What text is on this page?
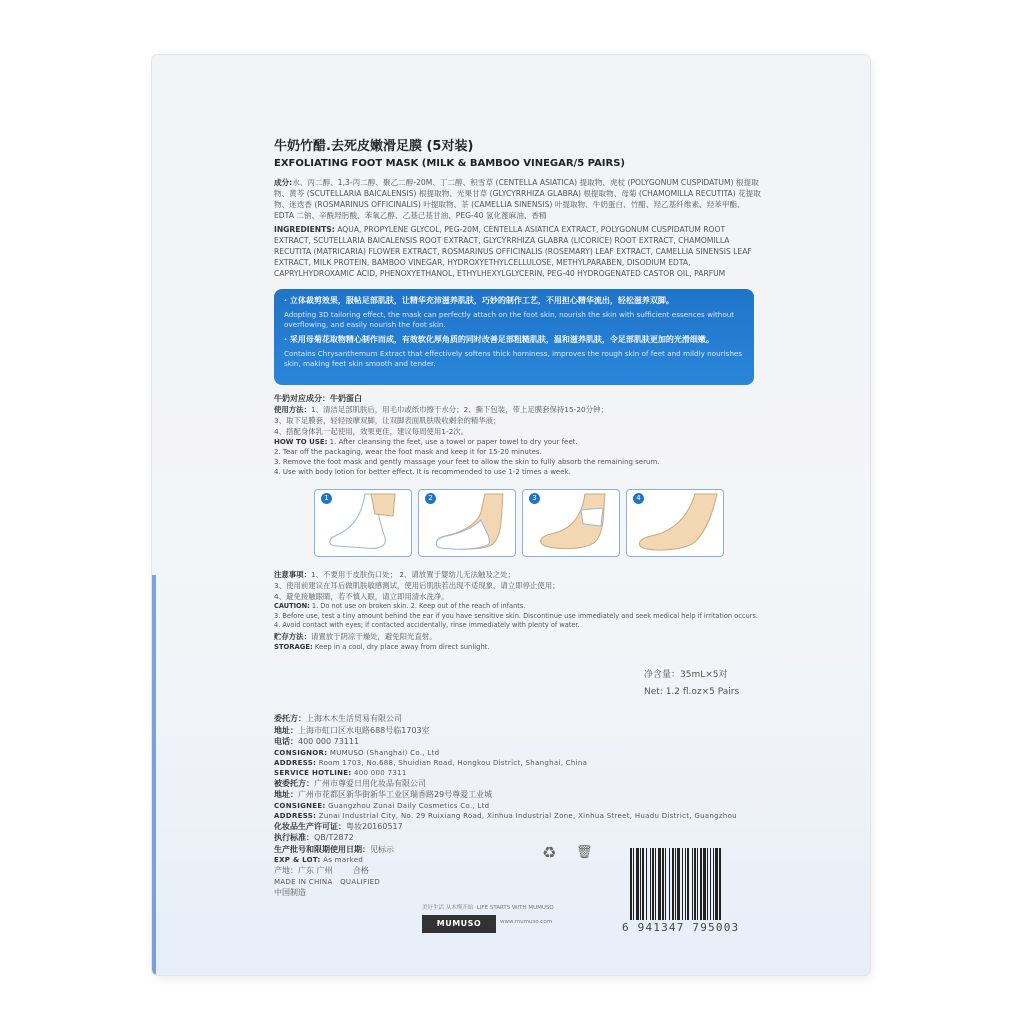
牛奶竹醋.去死皮嫩滑足膜 (5对装)
EXFOLIATING FOOT MASK (MILK & BAMBOO VINEGAR/5 PAIRS)
成分:水、丙二醇、1,3-丙二醇、聚乙二醇-20M、丁二醇、积雪草 (CENTELLA ASIATICA) 提取物、虎杖 (POLYGONUM CUSPIDATUM) 根提取物、黄芩 (SCUTELLARIA BAICALENSIS) 根提取物、光果甘草 (GLYCYRRHIZA GLABRA) 根提取物、母菊 (CHAMOMILLA RECUTITA) 花提取物、迷迭香 (ROSMARINUS OFFICINALIS) 叶提取物、茶 (CAMELLIA SINENSIS) 叶提取物、牛奶蛋白、竹醋、羟乙基纤维素、羟苯甲酯、EDTA 二钠、辛酰羟肟酸、苯氧乙醇、乙基己基甘油、PEG-40 氢化蓖麻油、香精
INGREDIENTS: AQUA, PROPYLENE GLYCOL, PEG-20M, CENTELLA ASIATICA EXTRACT, POLYGONUM CUSPIDATUM ROOT EXTRACT, SCUTELLARIA BAICALENSIS ROOT EXTRACT, GLYCYRRHIZA GLABRA (LICORICE) ROOT EXTRACT, CHAMOMILLA RECUTITA (MATRICARIA) FLOWER EXTRACT, ROSMARINUS OFFICINALIS (ROSEMARY) LEAF EXTRACT, CAMELLIA SINENSIS LEAF EXTRACT, MILK PROTEIN, BAMBOO VINEGAR, HYDROXYETHYLCELLULOSE, METHYLPARABEN, DISODIUM EDTA, CAPRYLHYDROXAMIC ACID, PHENOXYETHANOL, ETHYLHEXYLGLYCERIN, PEG-40 HYDROGENATED CASTOR OIL, PARFUM
· 立体裁剪效果，服帖足部肌肤，让精华充沛滋养肌肤，巧妙的制作工艺，不用担心精华流出，轻松滋养双脚。
Adopting 3D tailoring effect, the mask can perfectly attach on the foot skin, nourish the skin with sufficient essences without overflowing, and easily nourish the foot skin.
· 采用母菊花取物精心制作而成，有效软化厚角质的同时改善足部粗糙肌肤，温和滋养肌肤，令足部肌肤更加的光滑细嫩。
Contains Chrysanthemum Extract that effectively softens thick horniness, improves the rough skin of feet and mildly nourishes skin, making feet skin smooth and tender.
牛奶对应成分：牛奶蛋白
使用方法：1、清洁足部肌肤后，用毛巾或纸巾擦干水分；2、撕下包装，带上足膜套保持15-20分钟；
3、取下足膜套，轻轻按摩双脚，让双脚表面肌肤吸收剩余的精华液；
4、搭配身体乳一起使用，效果更佳，建议每周使用1-2次。
HOW TO USE: 1. After cleansing the feet, use a towel or paper towel to dry your feet.
2. Tear off the packaging, wear the foot mask and keep it for 15-20 minutes.
3. Remove the foot mask and gently massage your feet to allow the skin to fully absorb the remaining serum.
4. Use with body lotion for better effect. It is recommended to use 1-2 times a week.
1	2	3	4
注意事项：1、不要用于皮肤伤口处； 2、请放置于婴幼儿无法触及之处；
3、使用前建议在耳后做肌肤敏感测试，使用后肌肤若出现不适现象，请立即停止使用；
4、避免接触眼睛，若不慎入眼，请立即用清水洗净。
CAUTION: 1. Do not use on broken skin. 2. Keep out of the reach of infants.
3. Before use, test a tiny amount behind the ear if you have sensitive skin. Discontinue use immediately and seek medical help if irritation occurs.
4. Avoid contact with eyes; if contacted accidentally, rinse immediately with plenty of water.
贮存方法：请置放于阴凉干燥处，避免阳光直射。
STORAGE: Keep in a cool, dry place away from direct sunlight.
净含量：35mL×5对
Net: 1.2 fl.oz×5 Pairs
委托方：上海木木生活贸易有限公司
地址：上海市虹口区水电路688号临1703室
电话：400 000 73111
CONSIGNOR: MUMUSO (Shanghai) Co., Ltd
ADDRESS: Room 1703, No.688, Shuidian Road, Hongkou District, Shanghai, China
SERVICE HOTLINE: 400 000 7311
被委托方：广州市尊爱日用化妆品有限公司
地址：广州市花都区新华街新华工业区瑞香路29号尊爱工业城
CONSIGNEE: Guangzhou Zunai Daily Cosmetics Co., Ltd
ADDRESS: Zunai Industrial City, No. 29 Ruixiang Road, Xinhua Industrial Zone, Xinhua Street, Huadu District, Guangzhou
化妆品生产许可证：粤妆20160517
执行标准：QB/T2872
生产批号和限期使用日期：见标示
EXP & LOT: As marked
产地：广东 广州	合格
MADE IN CHINA QUALIFIED
中国制造
♻ 🗑
美好生活 从木槿开始 LIFE STARTS WITH MUMUSO
MUMUSO	www.mumuso.com	6 941347 795003
